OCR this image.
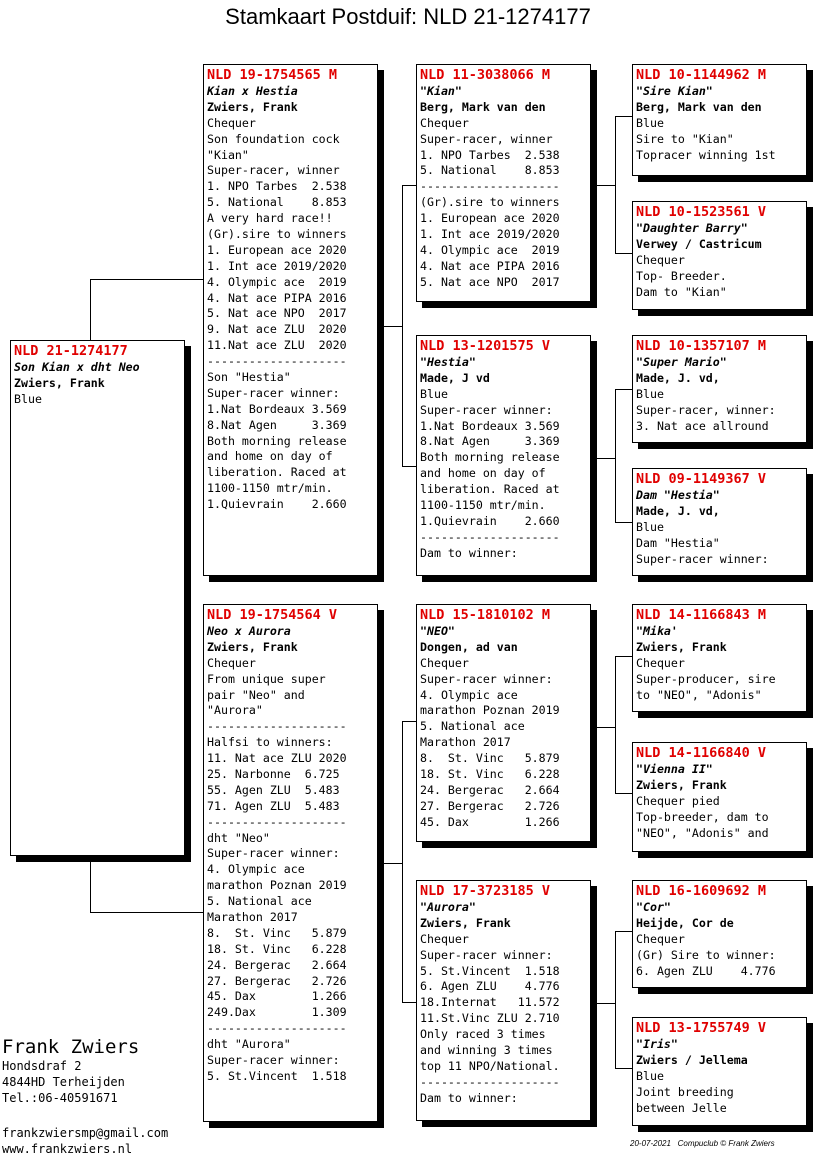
Stamkaart Postduif: NLD 21-1274177
NLD 21-1274177
Son Kian x dht Neo
Zwiers, Frank
Blue
NLD 19-1754565 M
Kian x Hestia
Zwiers, Frank
Chequer
Son foundation cock
"Kian"
Super-racer, winner
1. NPO Tarbes  2.538
5. National    8.853
A very hard race!!
(Gr).sire to winners
1. European ace 2020
1. Int ace 2019/2020
4. Olympic ace  2019
4. Nat ace PIPA 2016
5. Nat ace NPO  2017
9. Nat ace ZLU  2020
11.Nat ace ZLU  2020
--------------------
Son "Hestia"
Super-racer winner:
1.Nat Bordeaux 3.569
8.Nat Agen     3.369
Both morning release
and home on day of
liberation. Raced at
1100-1150 mtr/min.
1.Quievrain    2.660
NLD 19-1754564 V
Neo x Aurora
Zwiers, Frank
Chequer
From unique super
pair "Neo" and
"Aurora"
--------------------
Halfsi to winners:
11. Nat ace ZLU 2020
25. Narbonne  6.725
55. Agen ZLU  5.483
71. Agen ZLU  5.483
--------------------
dht "Neo"
Super-racer winner:
4. Olympic ace
marathon Poznan 2019
5. National ace
Marathon 2017
8.  St. Vinc   5.879
18. St. Vinc   6.228
24. Bergerac   2.664
27. Bergerac   2.726
45. Dax        1.266
249.Dax        1.309
--------------------
dht "Aurora"
Super-racer winner:
5. St.Vincent  1.518
NLD 11-3038066 M
"Kian"
Berg, Mark van den
Chequer
Super-racer, winner
1. NPO Tarbes  2.538
5. National    8.853
--------------------
(Gr).sire to winners
1. European ace 2020
1. Int ace 2019/2020
4. Olympic ace  2019
4. Nat ace PIPA 2016
5. Nat ace NPO  2017
NLD 13-1201575 V
"Hestia"
Made, J vd
Blue
Super-racer winner:
1.Nat Bordeaux 3.569
8.Nat Agen     3.369
Both morning release
and home on day of
liberation. Raced at
1100-1150 mtr/min.
1.Quievrain    2.660
--------------------
Dam to winner:
NLD 15-1810102 M
"NEO"
Dongen, ad van
Chequer
Super-racer winner:
4. Olympic ace
marathon Poznan 2019
5. National ace
Marathon 2017
8.  St. Vinc   5.879
18. St. Vinc   6.228
24. Bergerac   2.664
27. Bergerac   2.726
45. Dax        1.266
NLD 17-3723185 V
"Aurora"
Zwiers, Frank
Chequer
Super-racer winner:
5. St.Vincent  1.518
6. Agen ZLU    4.776
18.Internat   11.572
11.St.Vinc ZLU 2.710
Only raced 3 times
and winning 3 times
top 11 NPO/National.
--------------------
Dam to winner:
NLD 10-1144962 M
"Sire Kian"
Berg, Mark van den
Blue
Sire to "Kian"
Topracer winning 1st
NLD 10-1523561 V
"Daughter Barry"
Verwey / Castricum
Chequer
Top- Breeder.
Dam to "Kian"
NLD 10-1357107 M
"Super Mario"
Made, J. vd,
Blue
Super-racer, winner:
3. Nat ace allround
NLD 09-1149367 V
Dam "Hestia"
Made, J. vd,
Blue
Dam "Hestia"
Super-racer winner:
NLD 14-1166843 M
"Mika'
Zwiers, Frank
Chequer
Super-producer, sire
to "NEO", "Adonis"
NLD 14-1166840 V
"Vienna II"
Zwiers, Frank
Chequer pied
Top-breeder, dam to
"NEO", "Adonis" and
NLD 16-1609692 M
"Cor"
Heijde, Cor de
Chequer
(Gr) Sire to winner:
6. Agen ZLU    4.776
NLD 13-1755749 V
"Iris"
Zwiers / Jellema
Blue
Joint breeding
between Jelle
Frank Zwiers
Hondsdraf 2
4844HD Terheijden
Tel.:06-40591671
frankzwiersmp@gmail.com
www.frankzwiers.nl	20-07-2021   Compuclub © Frank Zwiers
